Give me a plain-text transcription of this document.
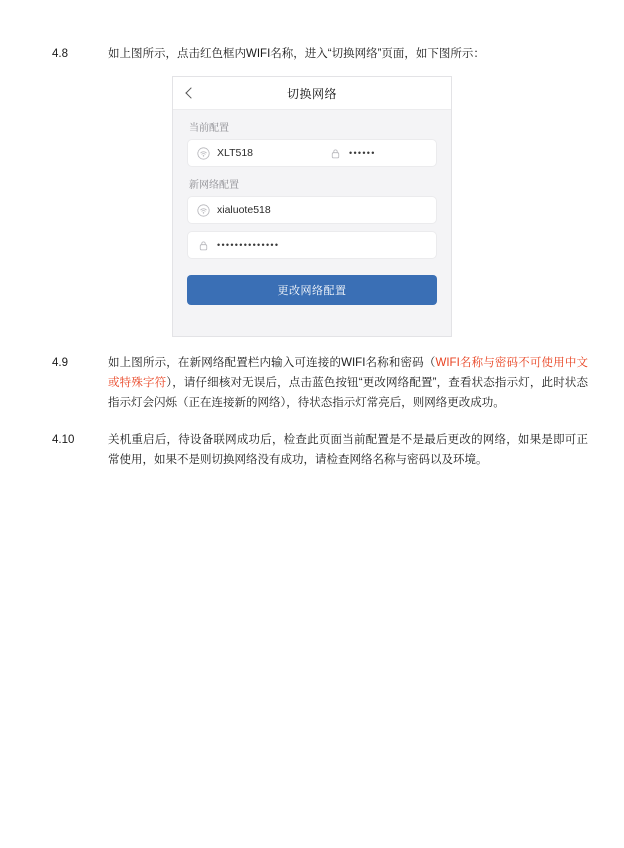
4.8	如上图所示，点击红色框内WIFI名称，进入“切换网络”页面，如下图所示：
切换网络
当前配置
XLT518	••••••
新网络配置
xialuote518
••••••••••••••
更改网络配置
4.9	如上图所示，在新网络配置栏内输入可连接的WIFI名称和密码（WIFI名称与密码不可使用中文或特殊字符），请仔细核对无误后，点击蓝色按钮“更改网络配置”，查看状态指示灯，此时状态指示灯会闪烁（正在连接新的网络），待状态指示灯常亮后，则网络更改成功。
4.10	关机重启后，待设备联网成功后，检查此页面当前配置是不是最后更改的网络，如果是即可正常使用，如果不是则切换网络没有成功，请检查网络名称与密码以及环境。
